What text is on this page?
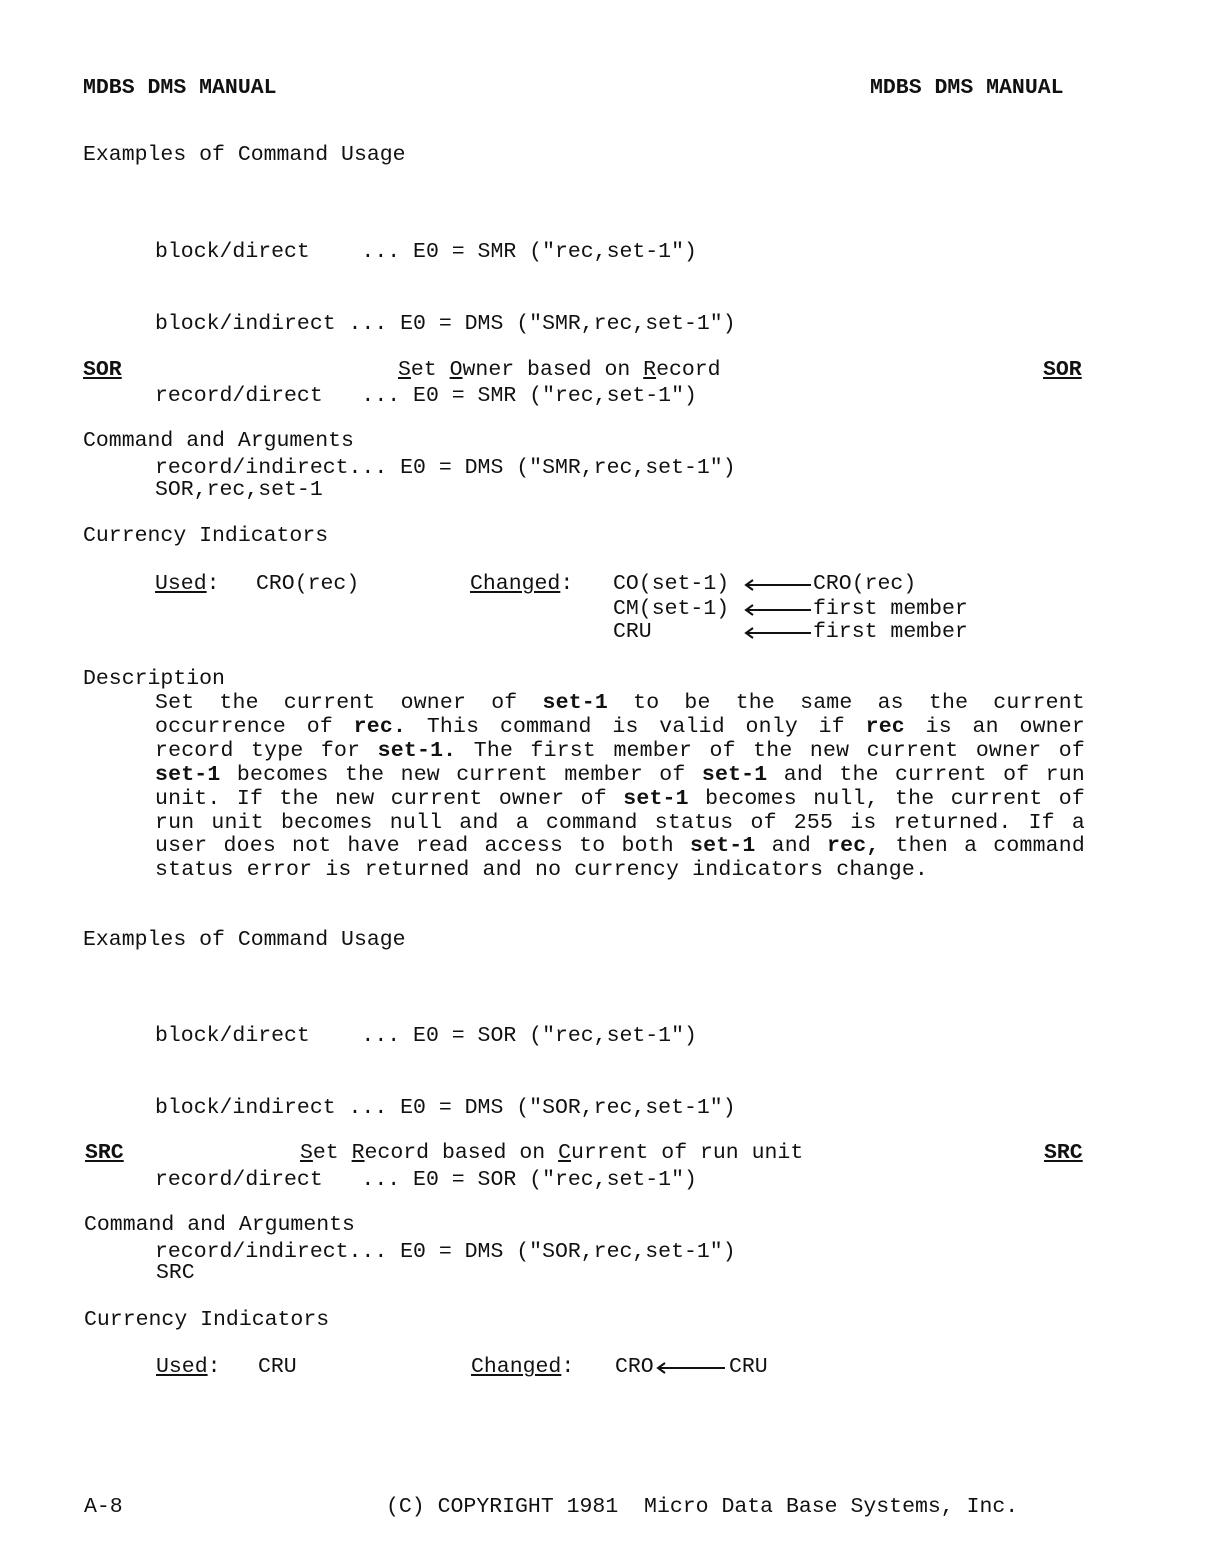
MDBS DMS MANUAL	MDBS DMS MANUAL
Examples of Command Usage

block/direct    ... E0 = SMR ("rec,set-1")

block/indirect ... E0 = DMS ("SMR,rec,set-1")

record/direct   ... E0 = SMR ("rec,set-1")

record/indirect... E0 = DMS ("SMR,rec,set-1")

SOR	Set Owner based on Record	SOR
Command and Arguments
SOR,rec,set-1
Currency Indicators
Used: CRO(rec)	Changed: CO(set-1)	CRO(rec)
CM(set-1)	first member
CRU	first member
Description
Set the current owner of set-1 to be the same as the current occurrence of rec. This command is valid only if rec is an owner record type for set-1. The first member of the new current owner of set-1 becomes the new current member of set-1 and the current of run unit. If the new current owner of set-1 becomes null, the current of run unit becomes null and a command status of 255 is returned. If a user does not have read access to both set-1 and rec, then a command status error is returned and no currency indicators change.
Examples of Command Usage

block/direct    ... E0 = SOR ("rec,set-1")

block/indirect ... E0 = DMS ("SOR,rec,set-1")

record/direct   ... E0 = SOR ("rec,set-1")

record/indirect... E0 = DMS ("SOR,rec,set-1")

SRC	Set Record based on Current of run unit	SRC
Command and Arguments
SRC
Currency Indicators
Used: CRU	Changed: CRO	CRU
A-8	(C) COPYRIGHT 1981  Micro Data Base Systems, Inc.
